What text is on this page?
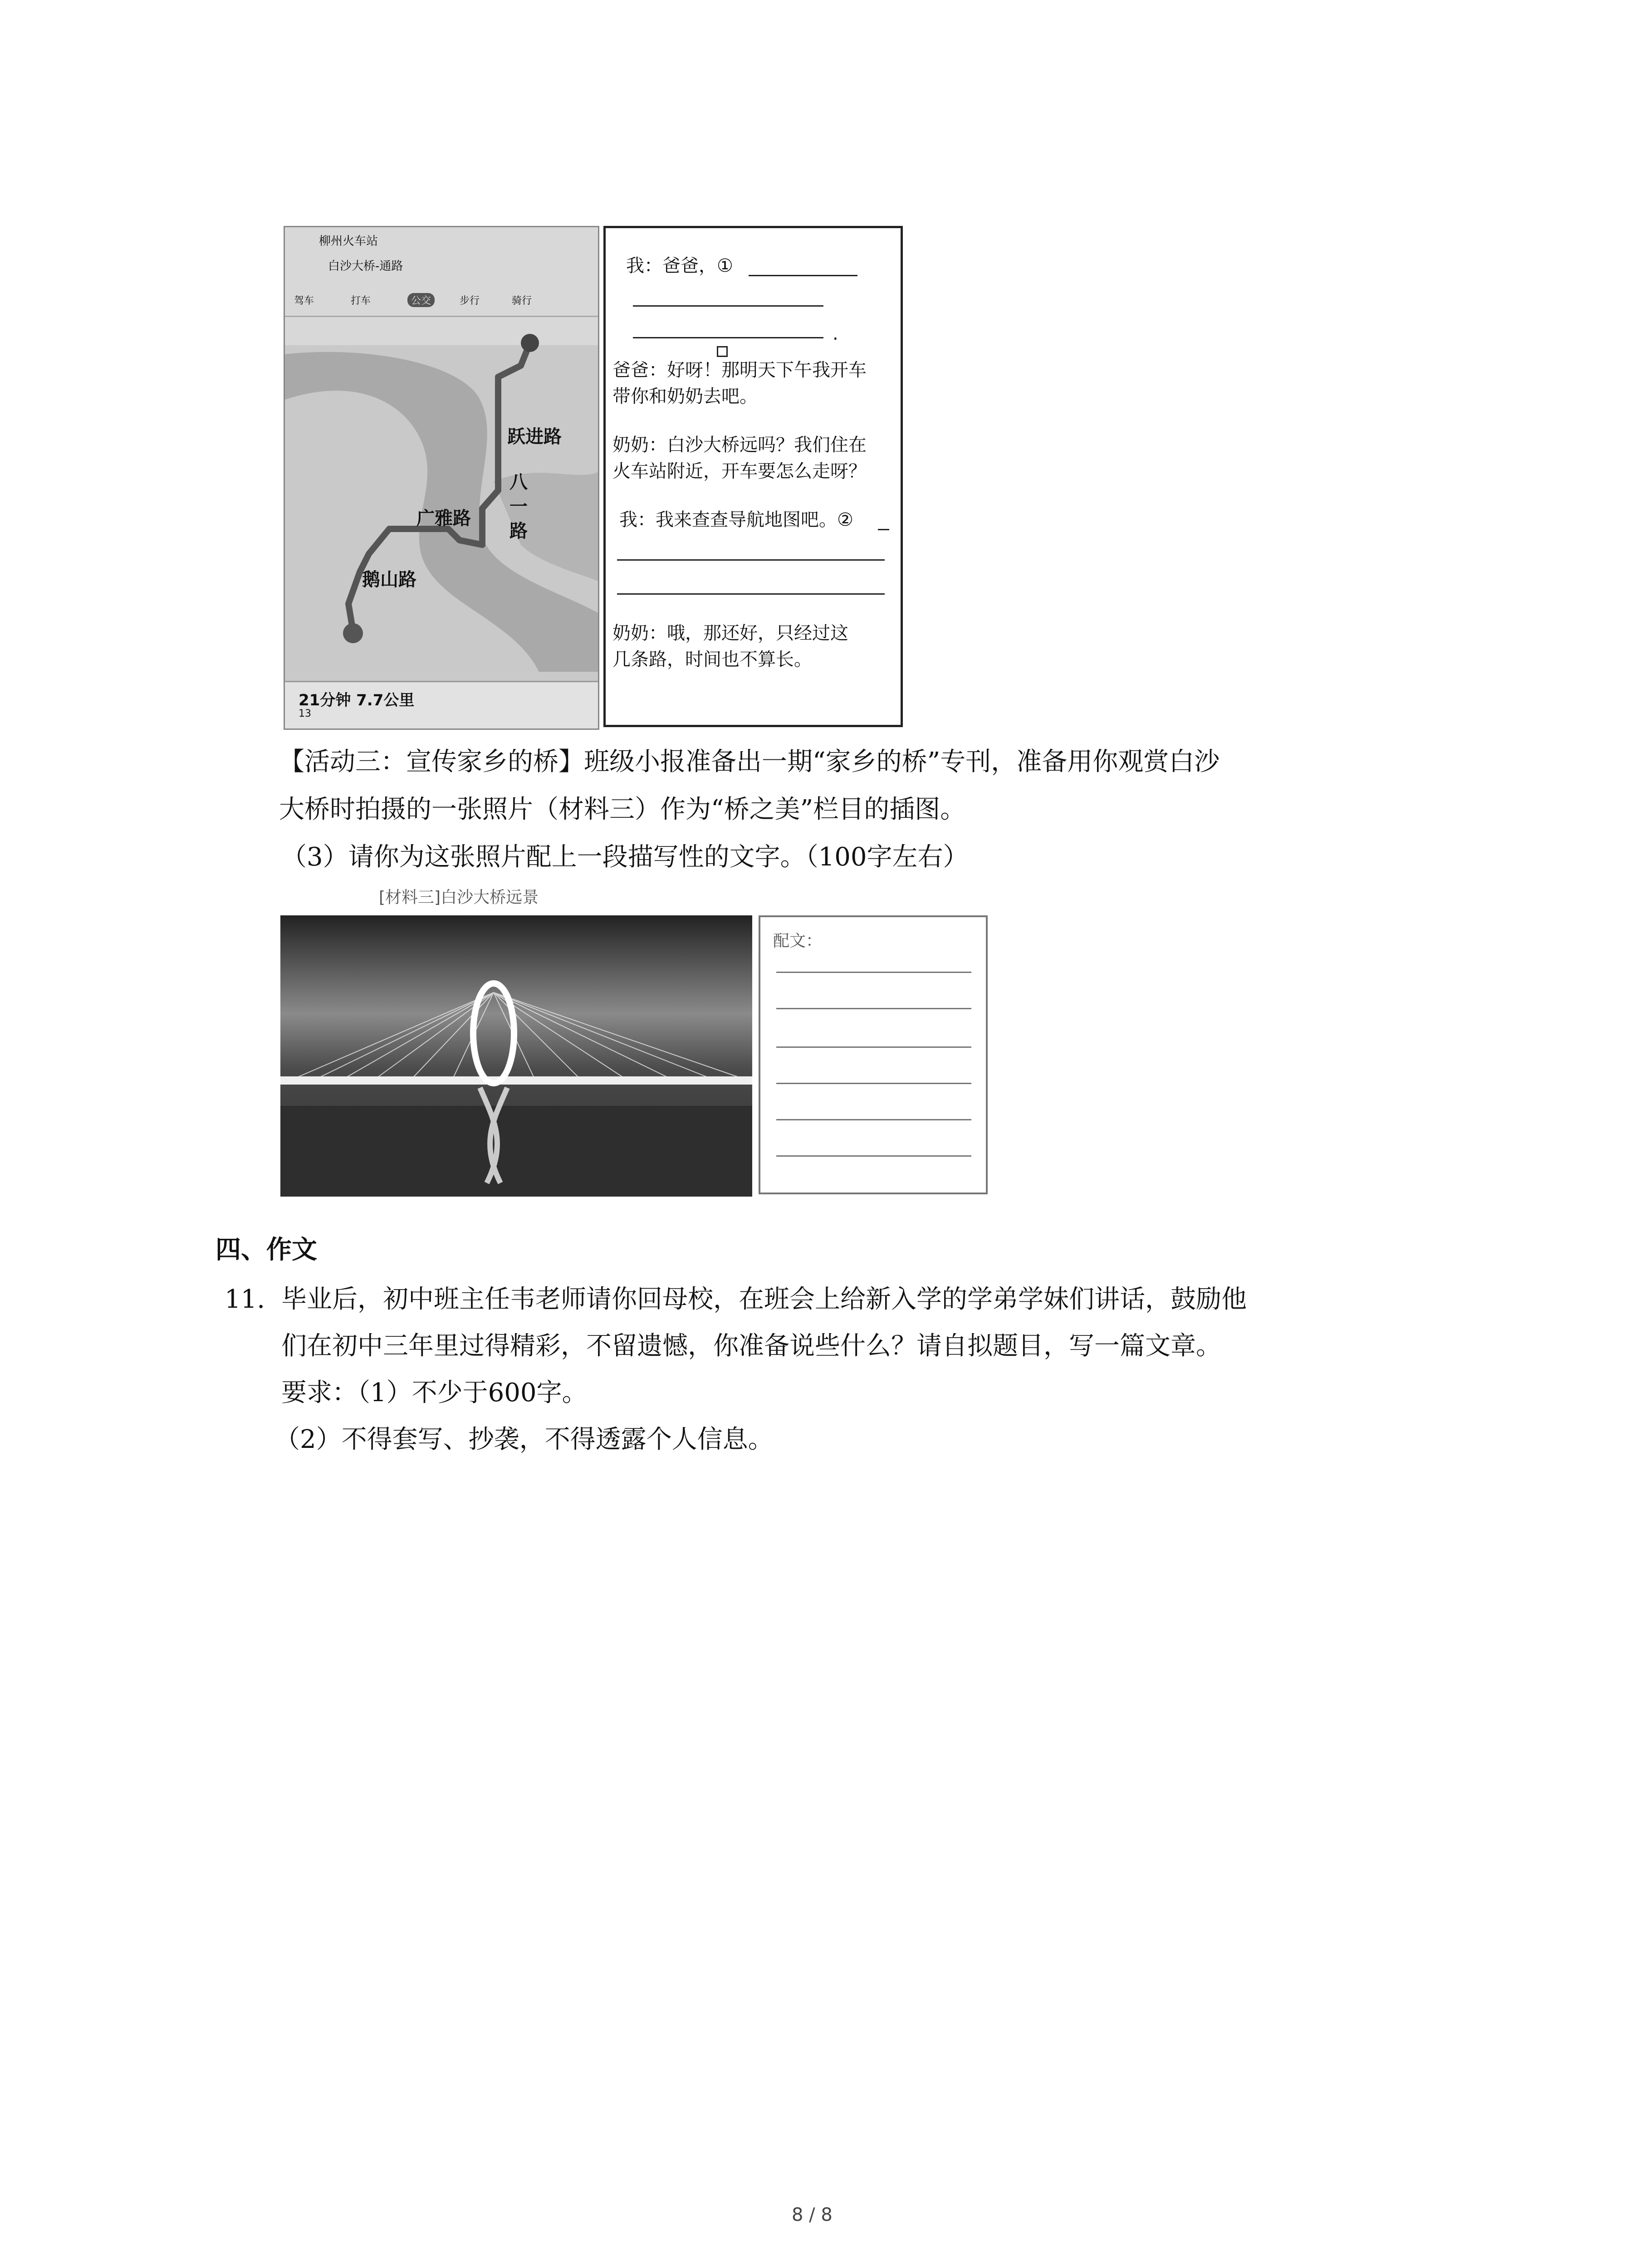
柳州火车站
白沙大桥-通路
驾车	打车	公交	步行	骑行
跃进路
八一路
广雅路
鹅山路
21分钟 7.7公里
13
我：爸爸，①
.
爸爸：好呀！那明天下午我开车
带你和奶奶去吧。
奶奶：白沙大桥远吗？我们住在
火车站附近，开车要怎么走呀？
我：我来查查导航地图吧。②
奶奶：哦，那还好，只经过这
几条路，时间也不算长。
【活动三：宣传家乡的桥】班级小报准备出一期“家乡的桥”专刊，准备用你观赏白沙
大桥时拍摄的一张照片（材料三）作为“桥之美”栏目的插图。
（3）请你为这张照片配上一段描写性的文字。（100字左右）
[材料三]白沙大桥远景
配文：
四、作文
11. 毕业后，初中班主任韦老师请你回母校，在班会上给新入学的学弟学妹们讲话，鼓励他
们在初中三年里过得精彩，不留遗憾，你准备说些什么？请自拟题目，写一篇文章。
要求：（1）不少于600字。
（2）不得套写、抄袭，不得透露个人信息。
8 / 8
